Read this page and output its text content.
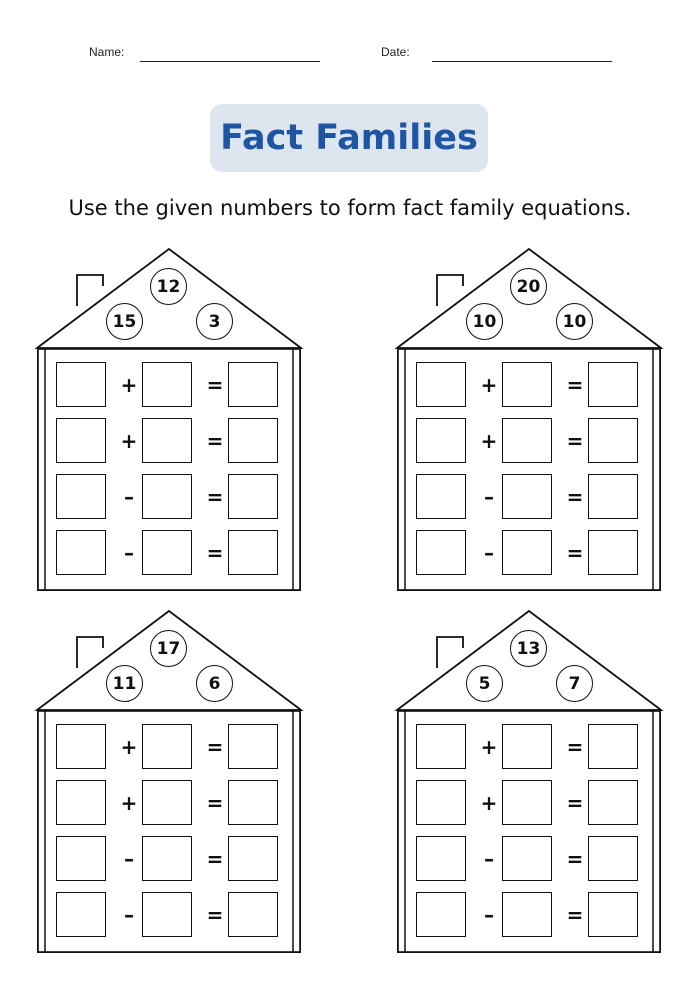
Name:	Date:
Fact Families
Use the given numbers to form fact family equations.
+	=
+	=
–	=
–	=
12
15	3
+	=
+	=
–	=
–	=
20
10	10
+	=
+	=
–	=
–	=
17
11	6
+	=
+	=
–	=
–	=
13
5	7
